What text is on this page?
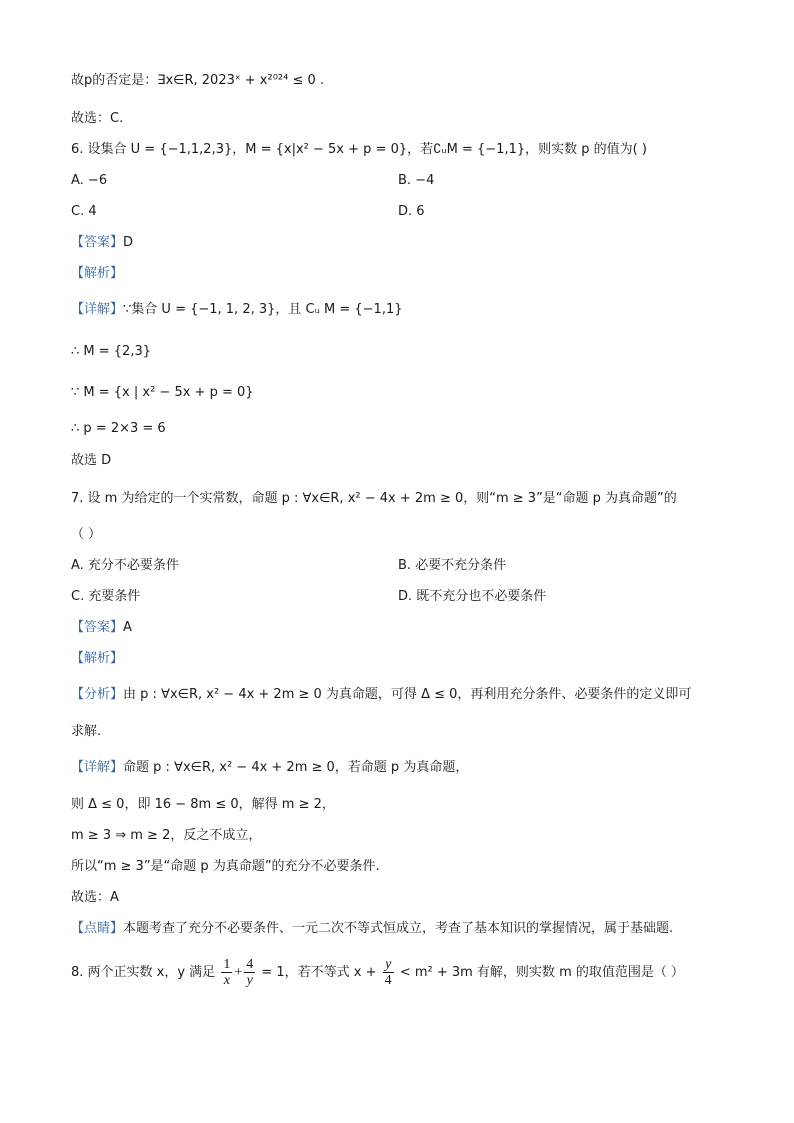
故p的否定是：∃x∈R, 2023ˣ + x²⁰²⁴ ≤ 0 .
故选：C.
6. 设集合 U = {−1,1,2,3}，M = {x|x² − 5x + p = 0}，若∁ᵤM = {−1,1}，则实数 p 的值为( )
A. −6	B. −4
C. 4	D. 6
【答案】D
【解析】
【详解】∵集合 U = {−1, 1, 2, 3}，且 Cᵤ M = {−1,1}
∴ M = {2,3}
∵ M = {x | x² − 5x + p = 0}
∴ p = 2×3 = 6
故选 D
7. 设 m 为给定的一个实常数，命题 p : ∀x∈R, x² − 4x + 2m ≥ 0，则“m ≥ 3”是“命题 p 为真命题”的
（ ）
A. 充分不必要条件	B. 必要不充分条件
C. 充要条件	D. 既不充分也不必要条件
【答案】A
【解析】
【分析】由 p : ∀x∈R, x² − 4x + 2m ≥ 0 为真命题，可得 Δ ≤ 0，再利用充分条件、必要条件的定义即可
求解.
【详解】命题 p : ∀x∈R, x² − 4x + 2m ≥ 0，若命题 p 为真命题，
则 Δ ≤ 0，即 16 − 8m ≤ 0，解得 m ≥ 2，
m ≥ 3 ⇒ m ≥ 2，反之不成立，
所以“m ≥ 3”是“命题 p 为真命题”的充分不必要条件.
故选：A
【点睛】本题考查了充分不必要条件、一元二次不等式恒成立，考查了基本知识的掌握情况，属于基础题.
8. 两个正实数 x，y 满足 $\frac{1}{x} + \frac{4}{y} = 1$，若不等式 $x + \frac{y}{4} < m^2 + 3m$ 有解，则实数 m 的取值范围是（ ）
